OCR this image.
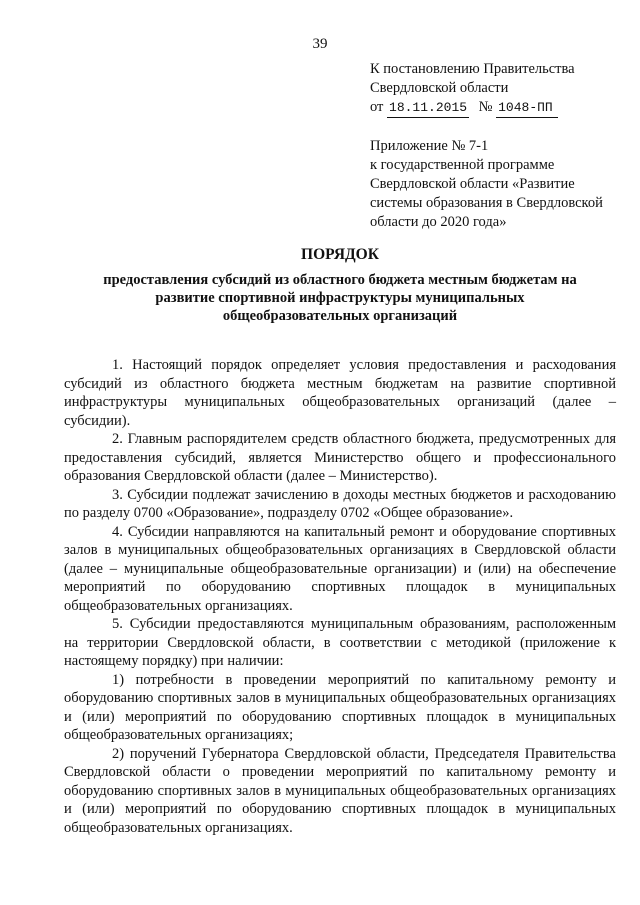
39
К постановлению Правительства
Свердловской области
от 18.11.2015 № 1048-ПП
Приложение № 7-1
к государственной программе
Свердловской области «Развитие
системы образования в Свердловской
области до 2020 года»
ПОРЯДОК
предоставления субсидий из областного бюджета местным бюджетам на
развитие спортивной инфраструктуры муниципальных
общеобразовательных организаций

1. Настоящий порядок определяет условия предоставления и расходования субсидий из областного бюджета местным бюджетам на развитие спортивной инфраструктуры муниципальных общеобразовательных организаций (далее – субсидии).

2. Главным распорядителем средств областного бюджета, предусмотренных для предоставления субсидий, является Министерство общего и профессионального образования Свердловской области (далее – Министерство).

3. Субсидии подлежат зачислению в доходы местных бюджетов и расходованию по разделу 0700 «Образование», подразделу 0702 «Общее образование».

4. Субсидии направляются на капитальный ремонт и оборудование спортивных залов в муниципальных общеобразовательных организациях в Свердловской области (далее – муниципальные общеобразовательные организации) и (или) на обеспечение мероприятий по оборудованию спортивных площадок в муниципальных общеобразовательных организациях.

5. Субсидии предоставляются муниципальным образованиям, расположенным на территории Свердловской области, в соответствии с методикой (приложение к настоящему порядку) при наличии:

1) потребности в проведении мероприятий по капитальному ремонту и оборудованию спортивных залов в муниципальных общеобразовательных организациях и (или) мероприятий по оборудованию спортивных площадок в муниципальных общеобразовательных организациях;

2) поручений Губернатора Свердловской области, Председателя Правительства Свердловской области о проведении мероприятий по капитальному ремонту и оборудованию спортивных залов в муниципальных общеобразовательных организациях и (или) мероприятий по оборудованию спортивных площадок в муниципальных общеобразовательных организациях.
